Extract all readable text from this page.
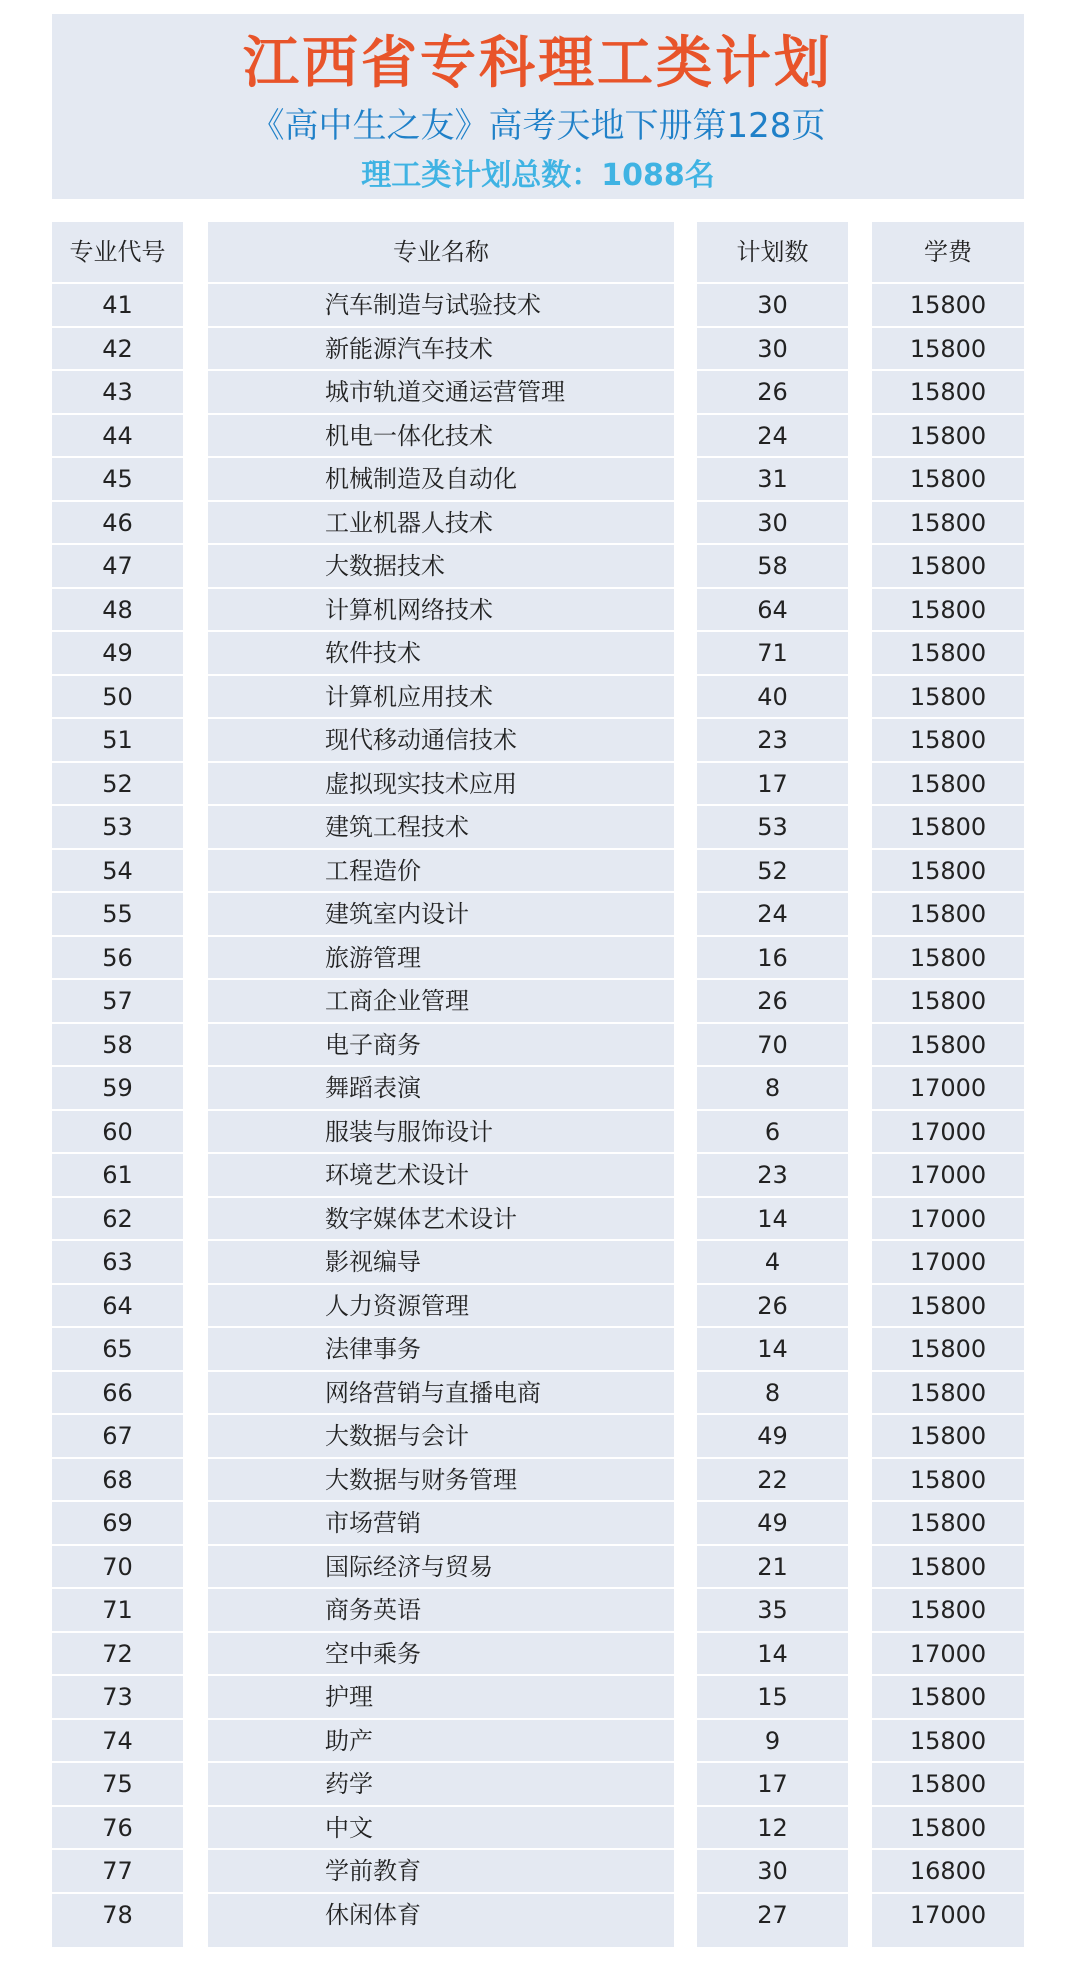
江西省专科理工类计划
《高中生之友》高考天地下册第128页
理工类计划总数：1088名
专业代号
41
42
43
44
45
46
47
48
49
50
51
52
53
54
55
56
57
58
59
60
61
62
63
64
65
66
67
68
69
70
71
72
73
74
75
76
77
78
专业名称
汽车制造与试验技术
新能源汽车技术
城市轨道交通运营管理
机电一体化技术
机械制造及自动化
工业机器人技术
大数据技术
计算机网络技术
软件技术
计算机应用技术
现代移动通信技术
虚拟现实技术应用
建筑工程技术
工程造价
建筑室内设计
旅游管理
工商企业管理
电子商务
舞蹈表演
服装与服饰设计
环境艺术设计
数字媒体艺术设计
影视编导
人力资源管理
法律事务
网络营销与直播电商
大数据与会计
大数据与财务管理
市场营销
国际经济与贸易
商务英语
空中乘务
护理
助产
药学
中文
学前教育
休闲体育
计划数
30
30
26
24
31
30
58
64
71
40
23
17
53
52
24
16
26
70
8
6
23
14
4
26
14
8
49
22
49
21
35
14
15
9
17
12
30
27
学费
15800
15800
15800
15800
15800
15800
15800
15800
15800
15800
15800
15800
15800
15800
15800
15800
15800
15800
17000
17000
17000
17000
17000
15800
15800
15800
15800
15800
15800
15800
15800
17000
15800
15800
15800
15800
16800
17000
